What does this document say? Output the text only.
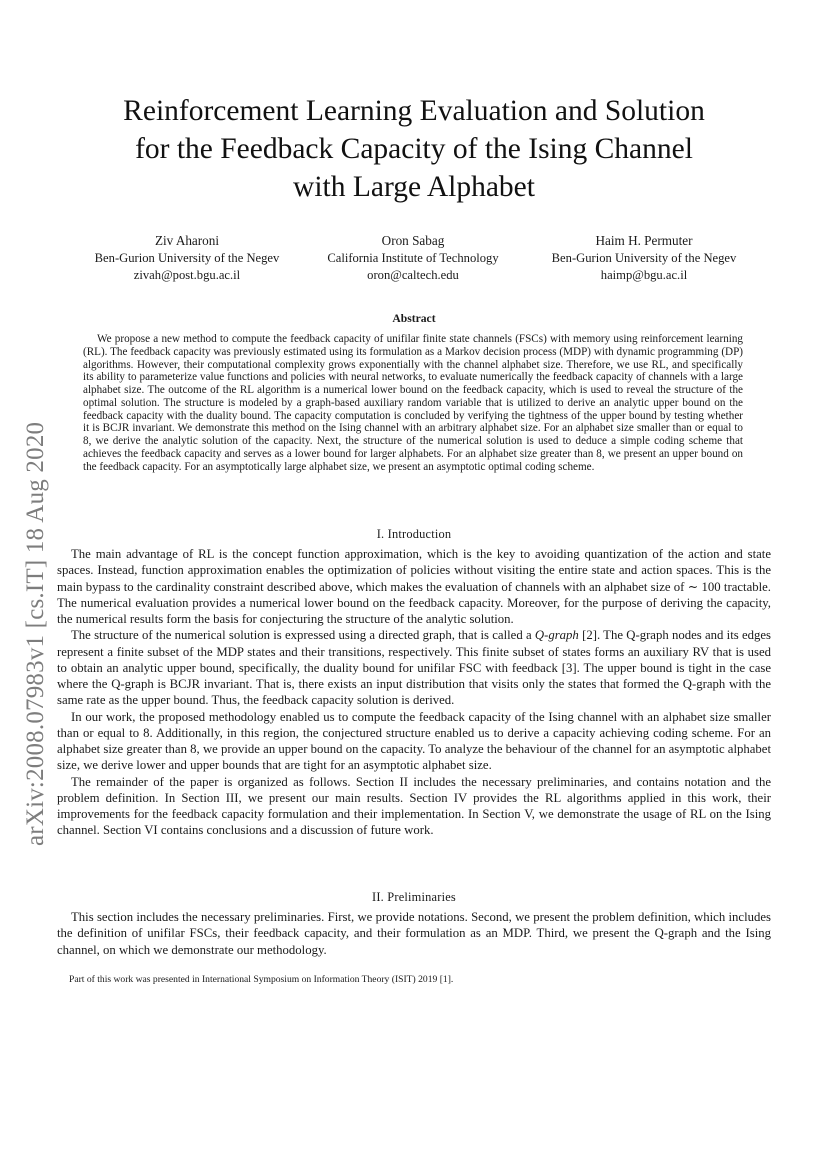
arXiv:2008.07983v1 [cs.IT] 18 Aug 2020
Reinforcement Learning Evaluation and Solution
for the Feedback Capacity of the Ising Channel
with Large Alphabet
Ziv Aharoni
Ben-Gurion University of the Negev
zivah@post.bgu.ac.il
Oron Sabag
California Institute of Technology
oron@caltech.edu
Haim H. Permuter
Ben-Gurion University of the Negev
haimp@bgu.ac.il
Abstract

We propose a new method to compute the feedback capacity of unifilar finite state channels (FSCs) with memory using reinforcement learning (RL). The feedback capacity was previously estimated using its formulation as a Markov decision process (MDP) with dynamic programming (DP) algorithms. However, their computational complexity grows exponentially with the channel alphabet size. Therefore, we use RL, and specifically its ability to parameterize value functions and policies with neural networks, to evaluate numerically the feedback capacity of channels with a large alphabet size. The outcome of the RL algorithm is a numerical lower bound on the feedback capacity, which is used to reveal the structure of the optimal solution. The structure is modeled by a graph-based auxiliary random variable that is utilized to derive an analytic upper bound on the feedback capacity with the duality bound. The capacity computation is concluded by verifying the tightness of the upper bound by testing whether it is BCJR invariant. We demonstrate this method on the Ising channel with an arbitrary alphabet size. For an alphabet size smaller than or equal to 8, we derive the analytic solution of the capacity. Next, the structure of the numerical solution is used to deduce a simple coding scheme that achieves the feedback capacity and serves as a lower bound for larger alphabets. For an alphabet size greater than 8, we present an upper bound on the feedback capacity. For an asymptotically large alphabet size, we present an asymptotic optimal coding scheme.

I. Introduction

The main advantage of RL is the concept function approximation, which is the key to avoiding quantization of the action and state spaces. Instead, function approximation enables the optimization of policies without visiting the entire state and action spaces. This is the main bypass to the cardinality constraint described above, which makes the evaluation of channels with an alphabet size of ∼ 100 tractable. The numerical evaluation provides a numerical lower bound on the feedback capacity. Moreover, for the purpose of deriving the capacity, the numerical results form the basis for conjecturing the structure of the analytic solution.

The structure of the numerical solution is expressed using a directed graph, that is called a Q-graph [2]. The Q-graph nodes and its edges represent a finite subset of the MDP states and their transitions, respectively. This finite subset of states forms an auxiliary RV that is used to obtain an analytic upper bound, specifically, the duality bound for unifilar FSC with feedback [3]. The upper bound is tight in the case where the Q-graph is BCJR invariant. That is, there exists an input distribution that visits only the states that formed the Q-graph with the same rate as the upper bound. Thus, the feedback capacity solution is derived.

In our work, the proposed methodology enabled us to compute the feedback capacity of the Ising channel with an alphabet size smaller than or equal to 8. Additionally, in this region, the conjectured structure enabled us to derive a capacity achieving coding scheme. For an alphabet size greater than 8, we provide an upper bound on the capacity. To analyze the behaviour of the channel for an asymptotic alphabet size, we derive lower and upper bounds that are tight for an asymptotic alphabet size.

The remainder of the paper is organized as follows. Section II includes the necessary preliminaries, and contains notation and the problem definition. In Section III, we present our main results. Section IV provides the RL algorithms applied in this work, their improvements for the feedback capacity formulation and their implementation. In Section V, we demonstrate the usage of RL on the Ising channel. Section VI contains conclusions and a discussion of future work.

II. Preliminaries

This section includes the necessary preliminaries. First, we provide notations. Second, we present the problem definition, which includes the definition of unifilar FSCs, their feedback capacity, and their formulation as an MDP. Third, we present the Q-graph and the Ising channel, on which we demonstrate our methodology.

Part of this work was presented in International Symposium on Information Theory (ISIT) 2019 [1].
